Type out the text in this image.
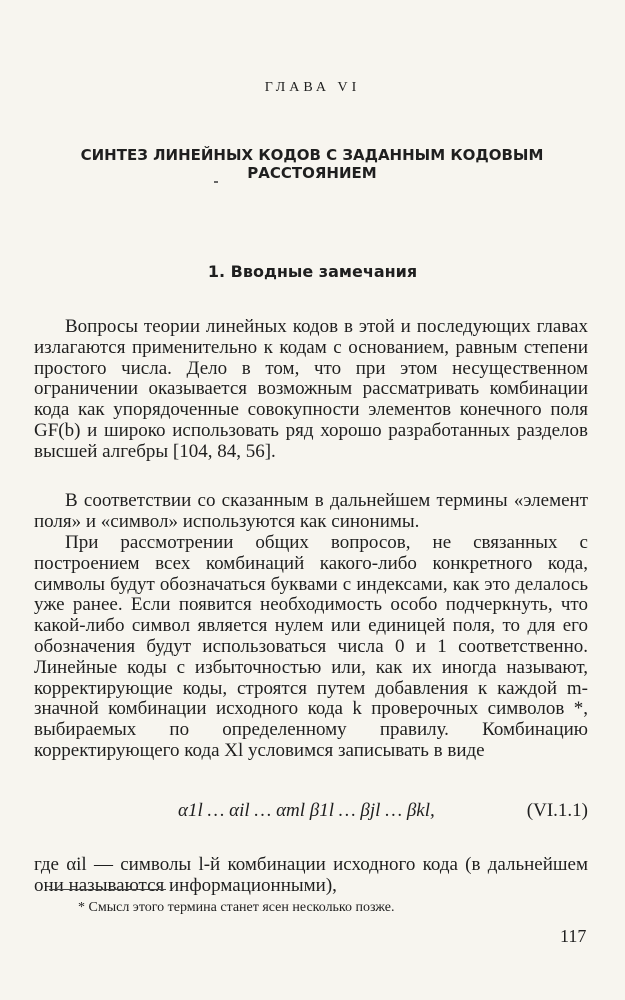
ГЛАВА VI
СИНТЕЗ ЛИНЕЙНЫХ КОДОВ С ЗАДАННЫМ КОДОВЫМ РАССТОЯНИЕМ
1. Вводные замечания

Вопросы теории линейных кодов в этой и последующих главах излагаются применительно к кодам с основанием, равным степени простого числа. Дело в том, что при этом несущественном ограничении оказывается возможным рассматривать комбинации кода как упорядоченные совокупности элементов конечного поля GF(b) и широко использовать ряд хорошо разработанных разделов высшей алгебры [104, 84, 56].

В соответствии со сказанным в дальнейшем термины «элемент поля» и «символ» используются как синонимы.

При рассмотрении общих вопросов, не связанных с построением всех комбинаций какого-либо конкретного кода, символы будут обозначаться буквами с индексами, как это делалось уже ранее. Если появится необходимость особо подчеркнуть, что какой-либо символ является нулем или единицей поля, то для его обозначения будут использоваться числа 0 и 1 соответственно. Линейные коды с избыточностью или, как их иногда называют, корректирующие коды, строятся путем добавления к каждой m-значной комбинации исходного кода k проверочных символов *, выбираемых по определенному правилу. Комбинацию корректирующего кода Xl условимся записывать в виде

α1l … αil … αml β1l … βjl … βkl,	(VI.1.1)

где αil — символы l-й комбинации исходного кода (в дальнейшем они называются информационными),

* Смысл этого термина станет ясен несколько позже.
117
